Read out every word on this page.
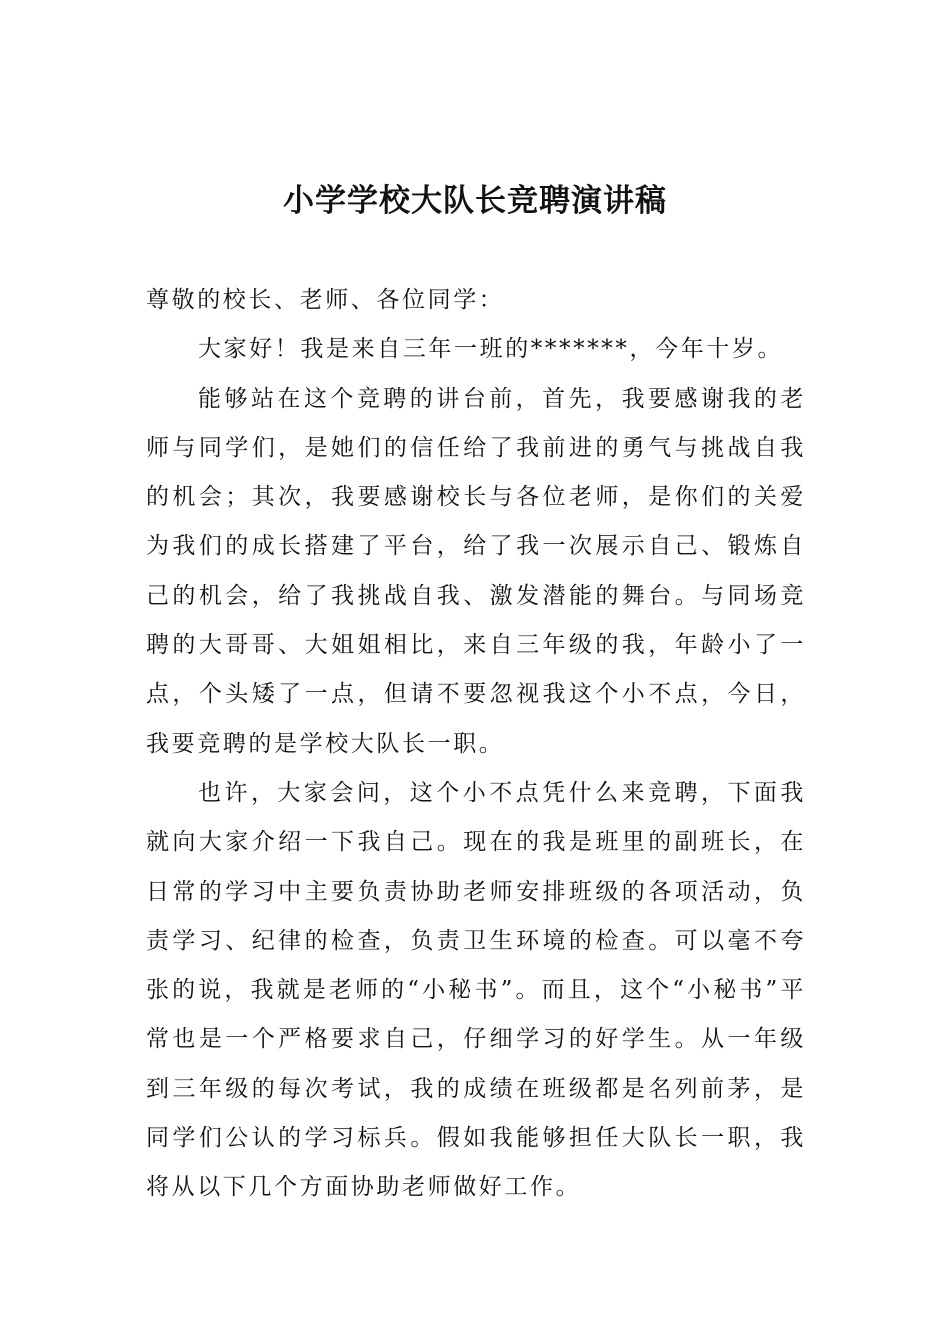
小学学校大队长竞聘演讲稿

尊敬的校长、老师、各位同学：

大家好！我是来自三年一班的*******，今年十岁。

能够站在这个竞聘的讲台前，首先，我要感谢我的老师与同学们，是她们的信任给了我前进的勇气与挑战自我的机会；其次，我要感谢校长与各位老师，是你们的关爱为我们的成长搭建了平台，给了我一次展示自己、锻炼自己的机会，给了我挑战自我、激发潜能的舞台。与同场竞聘的大哥哥、大姐姐相比，来自三年级的我，年龄小了一点，个头矮了一点，但请不要忽视我这个小不点，今日，我要竞聘的是学校大队长一职。

也许，大家会问，这个小不点凭什么来竞聘，下面我就向大家介绍一下我自己。现在的我是班里的副班长，在日常的学习中主要负责协助老师安排班级的各项活动，负责学习、纪律的检查，负责卫生环境的检查。可以毫不夸张的说，我就是老师的“小秘书”。而且，这个“小秘书”平常也是一个严格要求自己，仔细学习的好学生。从一年级到三年级的每次考试，我的成绩在班级都是名列前茅，是同学们公认的学习标兵。假如我能够担任大队长一职，我将从以下几个方面协助老师做好工作。
